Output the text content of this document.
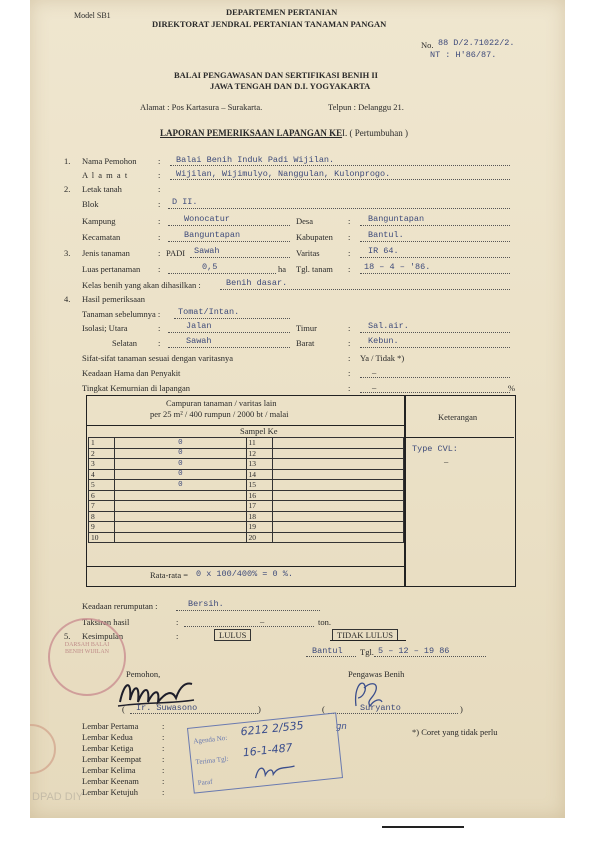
Model SB1	DEPARTEMEN PERTANIAN
DIREKTORAT JENDRAL PERTANIAN TANAMAN PANGAN
No. 88 D/2.71022/2.
NT : H'86/87.
BALAI PENGAWASAN DAN SERTIFIKASI BENIH II
JAWA TENGAH DAN D.I. YOGYAKARTA
Alamat : Pos Kartasura – Surakarta.	Telpun : Delanggu 21.
LAPORAN PEMERIKSAAN LAPANGAN KE I. ( Pertumbuhan )
1. Nama Pemohon	: Balai Benih Induk Padi Wijilan.
A l a m a t	: Wijilan, Wijimulyo, Nanggulan, Kulonprogo.
2. Letak tanah	:
Blok	: D II.
Kampung	:	Wonocatur	Desa	: Banguntapan
Kecamatan	:	Banguntapan	Kabupaten : Bantul.
3. Jenis tanaman	: PADI Sawah	Varitas	: IR 64.
Luas pertanaman :	0,5	ha Tgl. tanam : 18 – 4 – '86.
Kelas benih yang akan dihasilkan :	Benih dasar.
4. Hasil pemeriksaan
Tanaman sebelumnya : Tomat/Intan.
Isolasi; Utara	:	Jalan	Timur	: Sal.air.
Selatan :	Sawah	Barat	: Kebun.
Sifat-sifat tanaman sesuai dengan varitasnya	: Ya / Tidak *)
Keadaan Hama dan Penyakit	:	–
Tingkat Kemurnian di lapangan	:	–	%
Campuran tanaman / varitas lain
per 25 m² / 400 rumpun / 2000 bt / malai
Sampel Ke
Keterangan
Type CVL:
–
1	0	11	
2	0	12	
3	0	13	
4	0	14	
5	0	15	
6		16	
7		17	
8		18	
9		19	
10		20	
Rata-rata = 0 x 100/400% = 0 %.
Keadaan rerumputan :	Bersih.
Taksiran hasil	:	–	ton.
5. Kesimpulan	:	LULUS	TIDAK LULUS
Bantul Tgl. 5 – 12 – 19 86
Pemohon,	Pengawas Benih
( Ir. Suwasono	)	(	Suryanto	)
Lembar Pertama	:
Lembar Kedua	:
Lembar Ketiga	:
Lembar Keempat :
Lembar Kelima	:
Lembar Keenam	:
Lembar Ketujuh	:
gn	*) Coret yang tidak perlu
DARSAH BALAI BENIH WIJILAN
Agenda No:
6212 2/535
Terima Tgl:
16-1-487
Paraf
DPAD DIY
